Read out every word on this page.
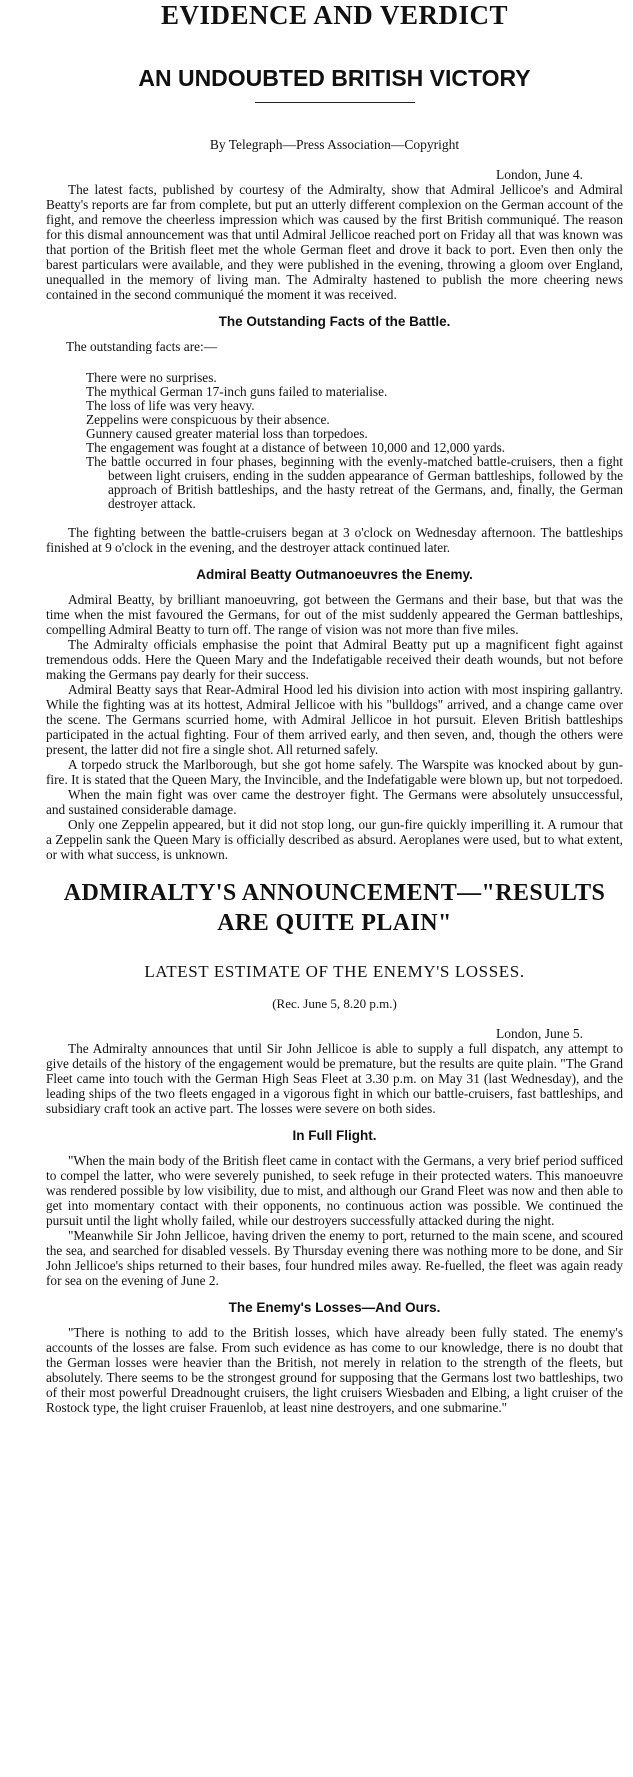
EVIDENCE AND VERDICT
AN UNDOUBTED BRITISH VICTORY
By Telegraph—Press Association—Copyright
London, June 4.

The latest facts, published by courtesy of the Admiralty, show that Admiral Jellicoe's and Admiral Beatty's reports are far from complete, but put an utterly different complexion on the German account of the fight, and remove the cheerless impression which was caused by the first British communiqué. The reason for this dismal announcement was that until Admiral Jellicoe reached port on Friday all that was known was that portion of the British fleet met the whole German fleet and drove it back to port. Even then only the barest particulars were available, and they were published in the evening, throwing a gloom over England, unequalled in the memory of living man. The Admiralty hastened to publish the more cheering news contained in the second communiqué the moment it was received.

The Outstanding Facts of the Battle.
The outstanding facts are:—
There were no surprises.
The mythical German 17-inch guns failed to materialise.
The loss of life was very heavy.
Zeppelins were conspicuous by their absence.
Gunnery caused greater material loss than torpedoes.
The engagement was fought at a distance of between 10,000 and 12,000 yards.
The battle occurred in four phases, beginning with the evenly-matched battle-cruisers, then a fight between light cruisers, ending in the sudden appearance of German battleships, followed by the approach of British battleships, and the hasty retreat of the Germans, and, finally, the German destroyer attack.

The fighting between the battle-cruisers began at 3 o'clock on Wednesday afternoon. The battleships finished at 9 o'clock in the evening, and the destroyer attack continued later.

Admiral Beatty Outmanoeuvres the Enemy.

Admiral Beatty, by brilliant manoeuvring, got between the Germans and their base, but that was the time when the mist favoured the Germans, for out of the mist suddenly appeared the German battleships, compelling Admiral Beatty to turn off. The range of vision was not more than five miles.

The Admiralty officials emphasise the point that Admiral Beatty put up a magnificent fight against tremendous odds. Here the Queen Mary and the Indefatigable received their death wounds, but not before making the Germans pay dearly for their success.

Admiral Beatty says that Rear-Admiral Hood led his division into action with most inspiring gallantry. While the fighting was at its hottest, Admiral Jellicoe with his "bulldogs" arrived, and a change came over the scene. The Germans scurried home, with Admiral Jellicoe in hot pursuit. Eleven British battleships participated in the actual fighting. Four of them arrived early, and then seven, and, though the others were present, the latter did not fire a single shot. All returned safely.

A torpedo struck the Marlborough, but she got home safely. The Warspite was knocked about by gun-fire. It is stated that the Queen Mary, the Invincible, and the Indefatigable were blown up, but not torpedoed.

When the main fight was over came the destroyer fight. The Germans were absolutely unsuccessful, and sustained considerable damage.

Only one Zeppelin appeared, but it did not stop long, our gun-fire quickly imperilling it. A rumour that a Zeppelin sank the Queen Mary is officially described as absurd. Aeroplanes were used, but to what extent, or with what success, is unknown.

ADMIRALTY'S ANNOUNCEMENT—"RESULTS ARE QUITE PLAIN"
LATEST ESTIMATE OF THE ENEMY'S LOSSES.
(Rec. June 5, 8.20 p.m.)
London, June 5.

The Admiralty announces that until Sir John Jellicoe is able to supply a full dispatch, any attempt to give details of the history of the engagement would be premature, but the results are quite plain. "The Grand Fleet came into touch with the German High Seas Fleet at 3.30 p.m. on May 31 (last Wednesday), and the leading ships of the two fleets engaged in a vigorous fight in which our battle-cruisers, fast battleships, and subsidiary craft took an active part. The losses were severe on both sides.

In Full Flight.

"When the main body of the British fleet came in contact with the Germans, a very brief period sufficed to compel the latter, who were severely punished, to seek refuge in their protected waters. This manoeuvre was rendered possible by low visibility, due to mist, and although our Grand Fleet was now and then able to get into momentary contact with their opponents, no continuous action was possible. We continued the pursuit until the light wholly failed, while our destroyers successfully attacked during the night.

"Meanwhile Sir John Jellicoe, having driven the enemy to port, returned to the main scene, and scoured the sea, and searched for disabled vessels. By Thursday evening there was nothing more to be done, and Sir John Jellicoe's ships returned to their bases, four hundred miles away. Re-fuelled, the fleet was again ready for sea on the evening of June 2.

The Enemy's Losses—And Ours.

"There is nothing to add to the British losses, which have already been fully stated. The enemy's accounts of the losses are false. From such evidence as has come to our knowledge, there is no doubt that the German losses were heavier than the British, not merely in relation to the strength of the fleets, but absolutely. There seems to be the strongest ground for supposing that the Germans lost two battleships, two of their most powerful Dreadnought cruisers, the light cruisers Wiesbaden and Elbing, a light cruiser of the Rostock type, the light cruiser Frauenlob, at least nine destroyers, and one submarine."
